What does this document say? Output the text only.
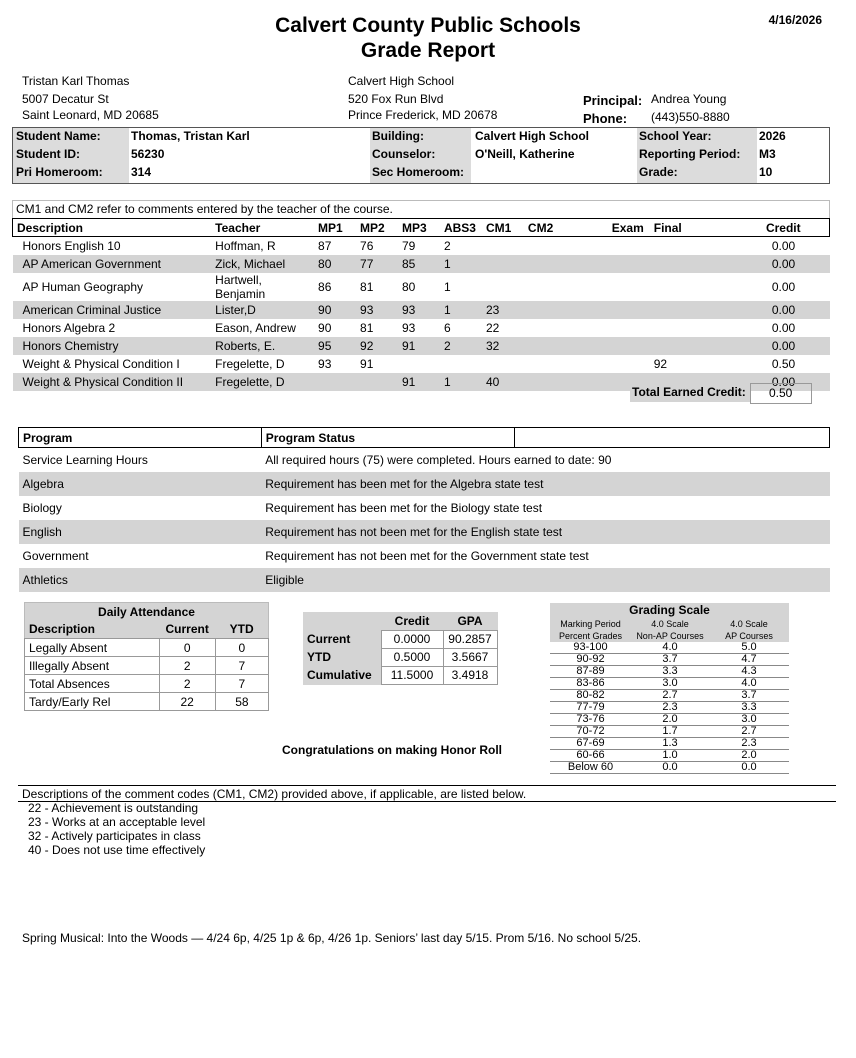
Calvert County Public Schools
Grade Report
4/16/2026
Tristan Karl Thomas
5007 Decatur St
Saint Leonard, MD 20685
Calvert High School
520 Fox Run Blvd
Prince Frederick, MD 20678
Principal: Andrea Young
Phone: (443)550-8880
Student Name:	Thomas, Tristan Karl
Student ID:	56230
Pri Homeroom: 314
Building:	Calvert High School
Counselor:	O'Neill, Katherine
Sec Homeroom:
School Year:	2026
Reporting Period: M3
Grade:	10
CM1 and CM2 refer to comments entered by the teacher of the course.
Description	Teacher	MP1	MP2	MP3	ABS3	CM1	CM2	Exam	Final	Credit
Honors English 10	Hoffman, R	87	76	79	2					0.00
AP American Government	Zick, Michael	80	77	85	1					0.00
AP Human Geography	Hartwell, Benjamin	86	81	80	1					0.00
American Criminal Justice	Lister,D	90	93	93	1	23				0.00
Honors Algebra 2	Eason, Andrew	90	81	93	6	22				0.00
Honors Chemistry	Roberts, E.	95	92	91	2	32				0.00
Weight & Physical Condition I	Fregelette, D	93	91						92	0.50
Weight & Physical Condition II	Fregelette, D			91	1	40				0.00
Total Earned Credit:	0.50
Program	Program Status	
Service Learning Hours	All required hours (75) were completed. Hours earned to date: 90	
Algebra	Requirement has been met for the Algebra state test	
Biology	Requirement has been met for the Biology state test	
English	Requirement has not been met for the English state test	
Government	Requirement has not been met for the Government state test	
Athletics	Eligible	
Daily Attendance		
Description	Current	YTD
Legally Absent	0	0
Illegally Absent	2	7
Total Absences	2	7
Tardy/Early Rel	22	58
	Credit	GPA
Current	0.0000	90.2857
YTD	0.5000	3.5667
Cumulative	11.5000	3.4918
Congratulations on making Honor Roll
Grading Scale		
Marking Period	4.0 Scale	4.0 Scale
Percent Grades	Non-AP Courses	AP Courses
93-100	4.0	5.0
90-92	3.7	4.7
87-89	3.3	4.3
83-86	3.0	4.0
80-82	2.7	3.7
77-79	2.3	3.3
73-76	2.0	3.0
70-72	1.7	2.7
67-69	1.3	2.3
60-66	1.0	2.0
Below 60	0.0	0.0
Descriptions of the comment codes (CM1, CM2) provided above, if applicable, are listed below.
22 - Achievement is outstanding
23 - Works at an acceptable level
32 - Actively participates in class
40 - Does not use time effectively
Spring Musical: Into the Woods — 4/24 6p, 4/25 1p & 6p, 4/26 1p. Seniors’ last day 5/15. Prom 5/16. No school 5/25.
